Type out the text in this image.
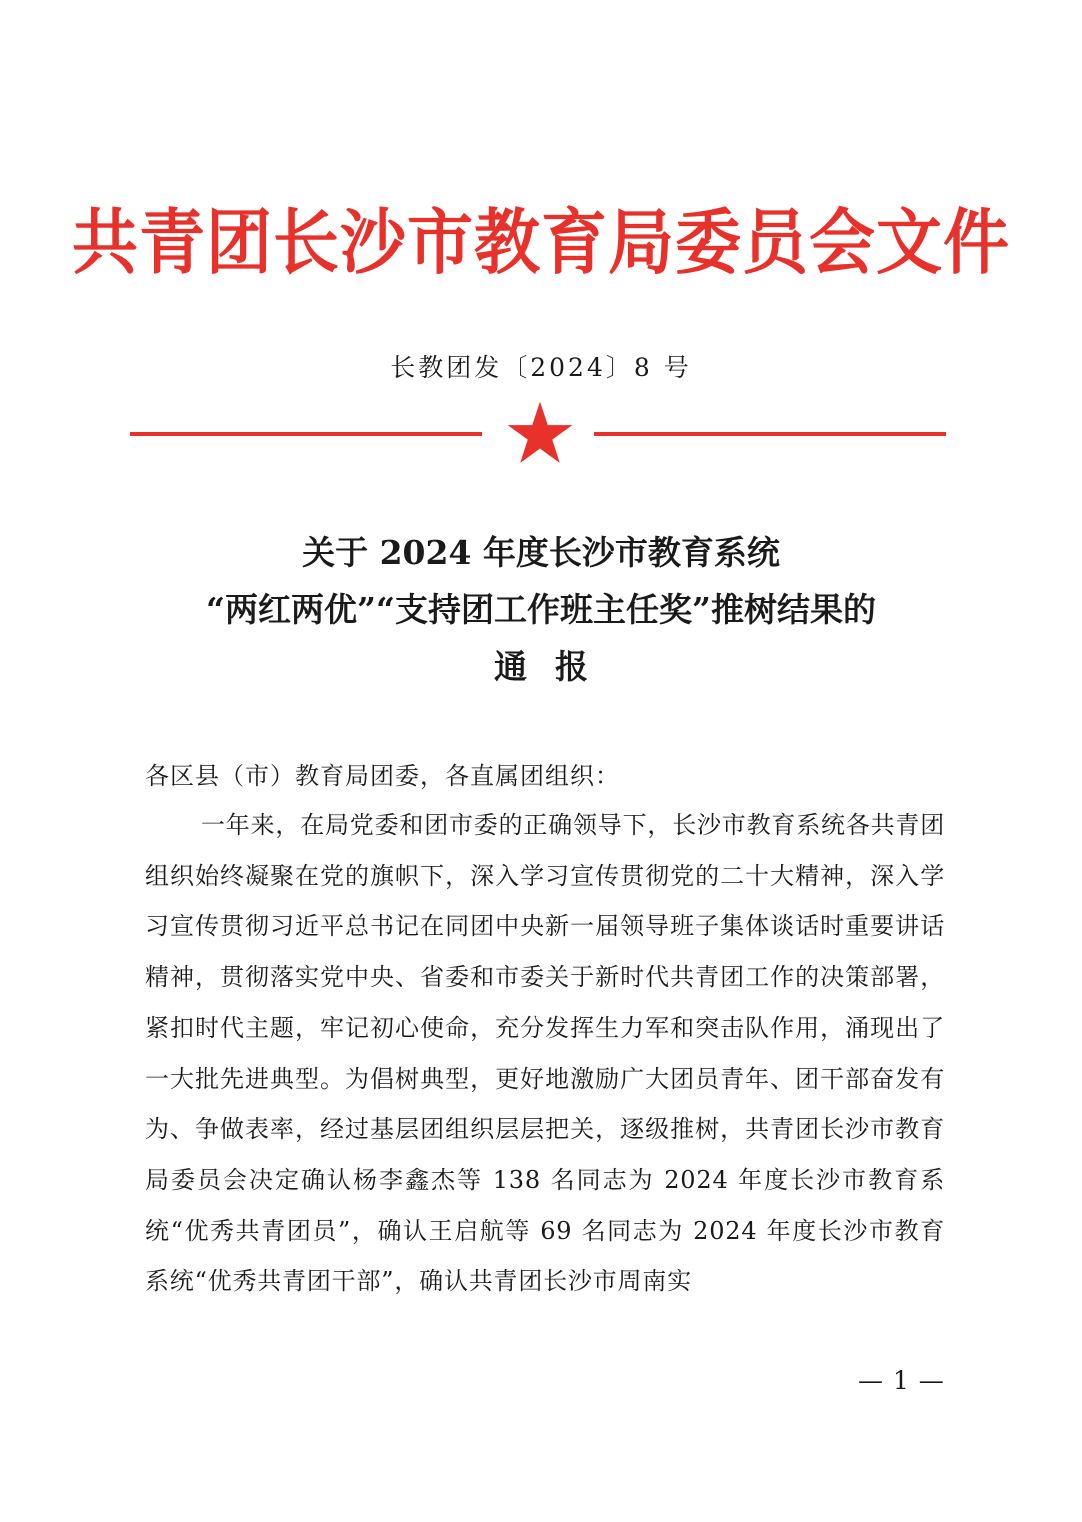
共青团长沙市教育局委员会文件
长教团发〔2024〕8 号
关于 2024 年度长沙市教育系统
“两红两优”“支持团工作班主任奖”推树结果的
通报
各区县（市）教育局团委，各直属团组织：
一年来，在局党委和团市委的正确领导下，长沙市教育系统各共青团组织始终凝聚在党的旗帜下，深入学习宣传贯彻党的二十大精神，深入学习宣传贯彻习近平总书记在同团中央新一届领导班子集体谈话时重要讲话精神，贯彻落实党中央、省委和市委关于新时代共青团工作的决策部署，紧扣时代主题，牢记初心使命，充分发挥生力军和突击队作用，涌现出了一大批先进典型。为倡树典型，更好地激励广大团员青年、团干部奋发有为、争做表率，经过基层团组织层层把关，逐级推树，共青团长沙市教育局委员会决定确认杨李鑫杰等 138 名同志为 2024 年度长沙市教育系统“优秀共青团员”，确认王启航等 69 名同志为 2024 年度长沙市教育系统“优秀共青团干部”，确认共青团长沙市周南实
— 1 —
